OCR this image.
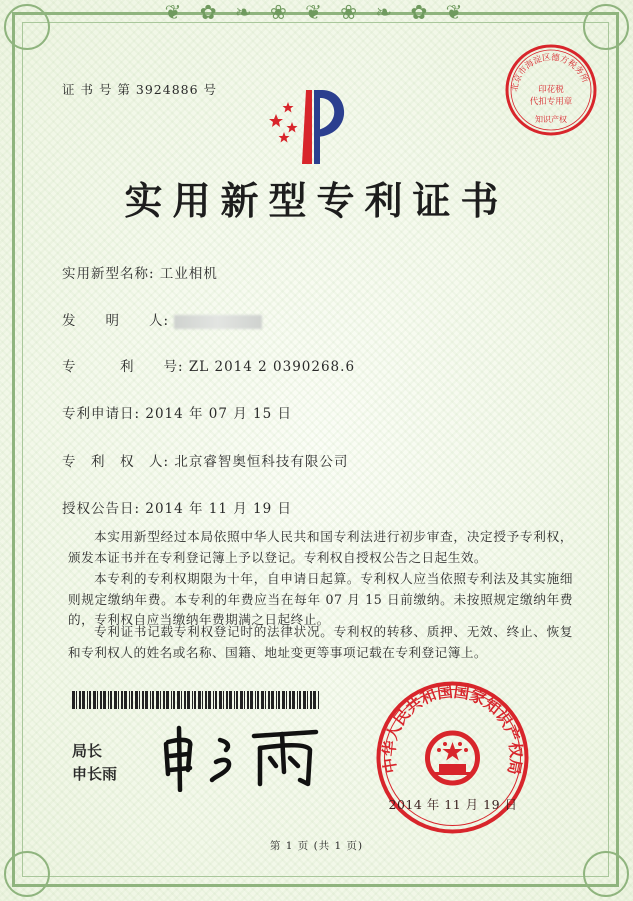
❦ ✿ ❧ ❀ ❦ ❀ ❧ ✿ ❦
证 书 号 第 3924886 号
实用新型专利证书
北京市海淀区德方税务所
印花税
代扣专用章
知识产权
实用新型名称: 工业相机
发　　明　　人:
专　　　利　　号: ZL 2014 2 0390268.6
专利申请日: 2014 年 07 月 15 日
专　利　权　人: 北京睿智奥恒科技有限公司
授权公告日: 2014 年 11 月 19 日
本实用新型经过本局依照中华人民共和国专利法进行初步审查，决定授予专利权，颁发本证书并在专利登记簿上予以登记。专利权自授权公告之日起生效。
本专利的专利权期限为十年，自申请日起算。专利权人应当依照专利法及其实施细则规定缴纳年费。本专利的年费应当在每年 07 月 15 日前缴纳。未按照规定缴纳年费的，专利权自应当缴纳年费期满之日起终止。
专利证书记载专利权登记时的法律状况。专利权的转移、质押、无效、终止、恢复和专利权人的姓名或名称、国籍、地址变更等事项记载在专利登记簿上。
局长
申长雨	中华人民共和国国家知识产权局
2014 年 11 月 19 日
第 1 页 (共 1 页)
